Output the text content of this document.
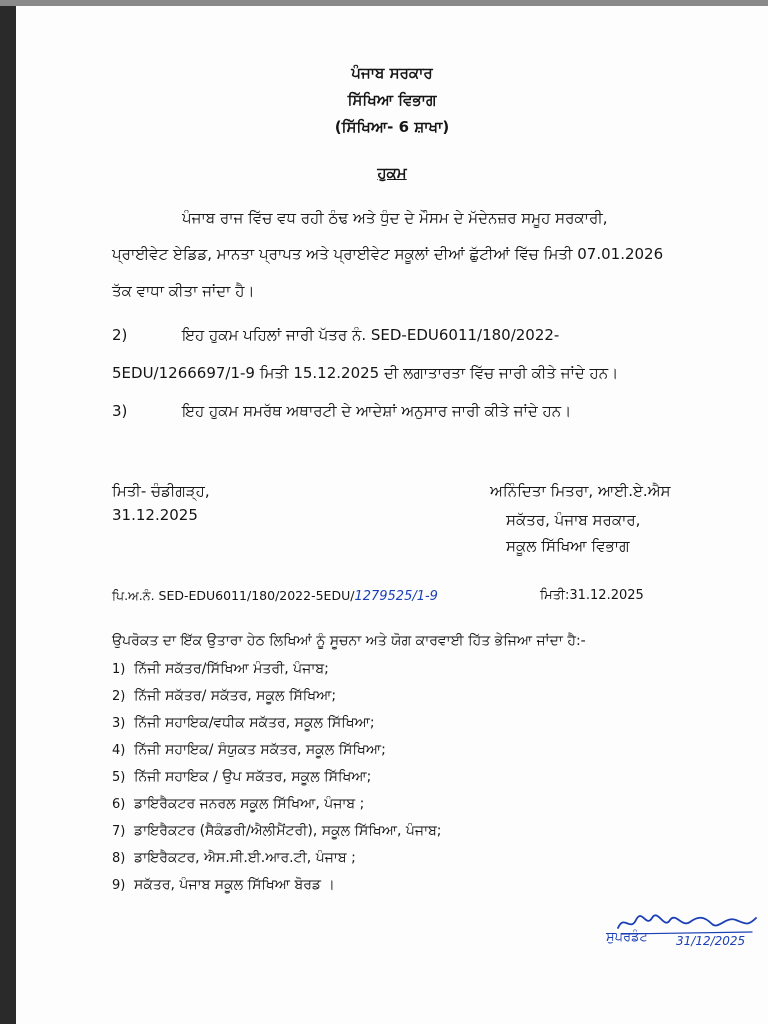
ਪੰਜਾਬ ਸਰਕਾਰ
ਸਿੱਖਿਆ ਵਿਭਾਗ
(ਸਿੱਖਿਆ- 6 ਸ਼ਾਖਾ)
ਹੁਕਮ
ਪੰਜਾਬ ਰਾਜ ਵਿੱਚ ਵਧ ਰਹੀ ਠੰਢ ਅਤੇ ਧੁੰਦ ਦੇ ਮੌਸਮ ਦੇ ਮੱਦੇਨਜ਼ਰ ਸਮੂਹ ਸਰਕਾਰੀ,
ਪ੍ਰਾਈਵੇਟ ਏਡਿਡ, ਮਾਨਤਾ ਪ੍ਰਾਪਤ ਅਤੇ ਪ੍ਰਾਈਵੇਟ ਸਕੂਲਾਂ ਦੀਆਂ ਛੁੱਟੀਆਂ ਵਿੱਚ ਮਿਤੀ 07.01.2026
ਤੱਕ ਵਾਧਾ ਕੀਤਾ ਜਾਂਦਾ ਹੈ।
2)	ਇਹ ਹੁਕਮ ਪਹਿਲਾਂ ਜਾਰੀ ਪੱਤਰ ਨੰ. SED-EDU6011/180/2022-
5EDU/1266697/1-9 ਮਿਤੀ 15.12.2025 ਦੀ ਲਗਾਤਾਰਤਾ ਵਿੱਚ ਜਾਰੀ ਕੀਤੇ ਜਾਂਦੇ ਹਨ।
3)	ਇਹ ਹੁਕਮ ਸਮਰੱਥ ਅਥਾਰਟੀ ਦੇ ਆਦੇਸ਼ਾਂ ਅਨੁਸਾਰ ਜਾਰੀ ਕੀਤੇ ਜਾਂਦੇ ਹਨ।
ਮਿਤੀ- ਚੰਡੀਗੜ੍ਹ,
31.12.2025
ਅਨਿੰਦਿਤਾ ਮਿਤਰਾ, ਆਈ.ਏ.ਐਸ
ਸਕੱਤਰ, ਪੰਜਾਬ ਸਰਕਾਰ,
ਸਕੂਲ ਸਿੱਖਿਆ ਵਿਭਾਗ
ਪਿ.ਅ.ਨੰ. SED-EDU6011/180/2022-5EDU/1279525/1-9	ਮਿਤੀ:31.12.2025
ਉਪਰੋਕਤ ਦਾ ਇੱਕ ਉਤਾਰਾ ਹੇਠ ਲਿਖਿਆਂ ਨੂੰ ਸੂਚਨਾ ਅਤੇ ਯੋਗ ਕਾਰਵਾਈ ਹਿੱਤ ਭੇਜਿਆ ਜਾਂਦਾ ਹੈ:-
1) ਨਿੱਜੀ ਸਕੱਤਰ/ਸਿੱਖਿਆ ਮੰਤਰੀ, ਪੰਜਾਬ;
2) ਨਿੱਜੀ ਸਕੱਤਰ/ ਸਕੱਤਰ, ਸਕੂਲ ਸਿੱਖਿਆ;
3) ਨਿੱਜੀ ਸਹਾਇਕ/ਵਧੀਕ ਸਕੱਤਰ, ਸਕੂਲ ਸਿੱਖਿਆ;
4) ਨਿੱਜੀ ਸਹਾਇਕ/ ਸੰਯੁਕਤ ਸਕੱਤਰ, ਸਕੂਲ ਸਿੱਖਿਆ;
5) ਨਿੱਜੀ ਸਹਾਇਕ / ਉਪ ਸਕੱਤਰ, ਸਕੂਲ ਸਿੱਖਿਆ;
6) ਡਾਇਰੈਕਟਰ ਜਨਰਲ ਸਕੂਲ ਸਿੱਖਿਆ, ਪੰਜਾਬ ;
7) ਡਾਇਰੈਕਟਰ (ਸੈਕੰਡਰੀ/ਐਲੀਮੈਂਟਰੀ), ਸਕੂਲ ਸਿੱਖਿਆ, ਪੰਜਾਬ;
8) ਡਾਇਰੈਕਟਰ, ਐਸ.ਸੀ.ਈ.ਆਰ.ਟੀ, ਪੰਜਾਬ ;
9) ਸਕੱਤਰ, ਪੰਜਾਬ ਸਕੂਲ ਸਿੱਖਿਆ ਬੋਰਡ ।
ਸੁਪਰਡੰਟ 31/12/2025
